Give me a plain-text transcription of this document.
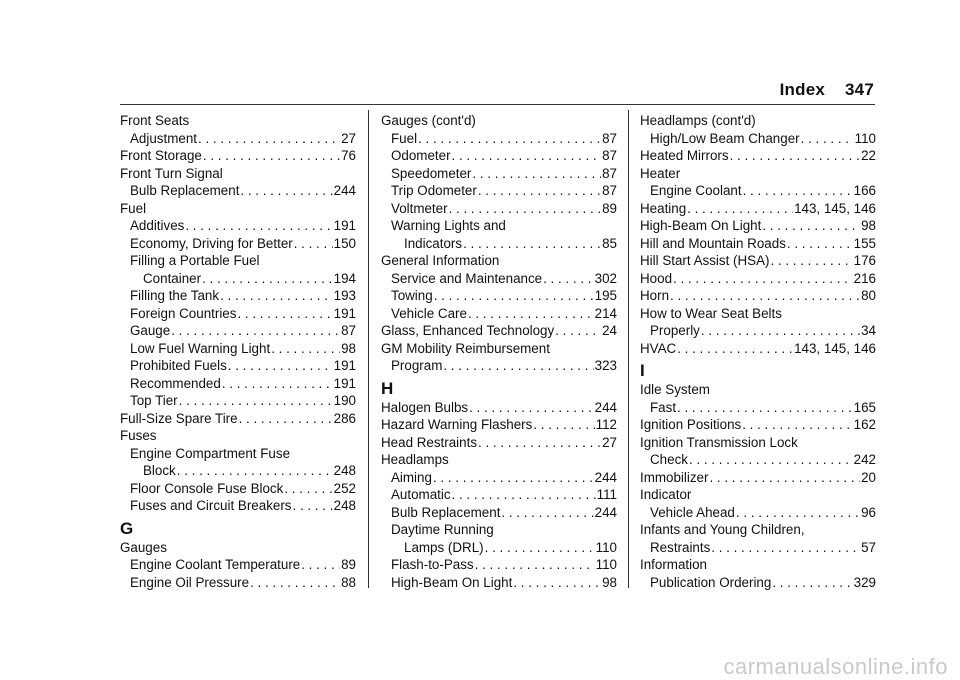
Index 347
Front Seats
Adjustment . . .	27
Front Storage . . .	76
Front Turn Signal
Bulb Replacement . . .	244
Fuel
Additives . . .	191
Economy, Driving for Better . . .	150
Filling a Portable Fuel
Container . . .	194
Filling the Tank . . .	193
Foreign Countries . . .	191
Gauge . . .	87
Low Fuel Warning Light . . .	98
Prohibited Fuels . . .	191
Recommended . . .	191
Top Tier . . .	190
Full-Size Spare Tire . . .	286
Fuses
Engine Compartment Fuse
Block . . .	248
Floor Console Fuse Block . . .	252
Fuses and Circuit Breakers . . .	248
G
Gauges
Engine Coolant Temperature . . .	89
Engine Oil Pressure . . .	88
Gauges (cont'd)
Fuel . . .	87
Odometer . . .	87
Speedometer . . .	87
Trip Odometer . . .	87
Voltmeter . . .	89
Warning Lights and
Indicators . . .	85
General Information
Service and Maintenance . . .	302
Towing . . .	195
Vehicle Care . . .	214
Glass, Enhanced Technology . . .	24
GM Mobility Reimbursement
Program . . .	323
H
Halogen Bulbs . . .	244
Hazard Warning Flashers . . .	112
Head Restraints . . .	27
Headlamps
Aiming . . .	244
Automatic . . .	111
Bulb Replacement . . .	244
Daytime Running
Lamps (DRL) . . .	110
Flash-to-Pass . . .	110
High-Beam On Light . . .	98
Headlamps (cont'd)
High/Low Beam Changer . . .	110
Heated Mirrors . . .	22
Heater
Engine Coolant . . .	166
Heating . . .	143, 145, 146
High-Beam On Light . . .	98
Hill and Mountain Roads . . .	155
Hill Start Assist (HSA) . . .	176
Hood . . .	216
Horn . . .	80
How to Wear Seat Belts
Properly . . .	34
HVAC . . .	143, 145, 146
I
Idle System
Fast . . .	165
Ignition Positions . . .	162
Ignition Transmission Lock
Check . . .	242
Immobilizer . . .	20
Indicator
Vehicle Ahead . . .	96
Infants and Young Children,
Restraints . . .	57
Information
Publication Ordering . . .	329
carmanualsonline.info
